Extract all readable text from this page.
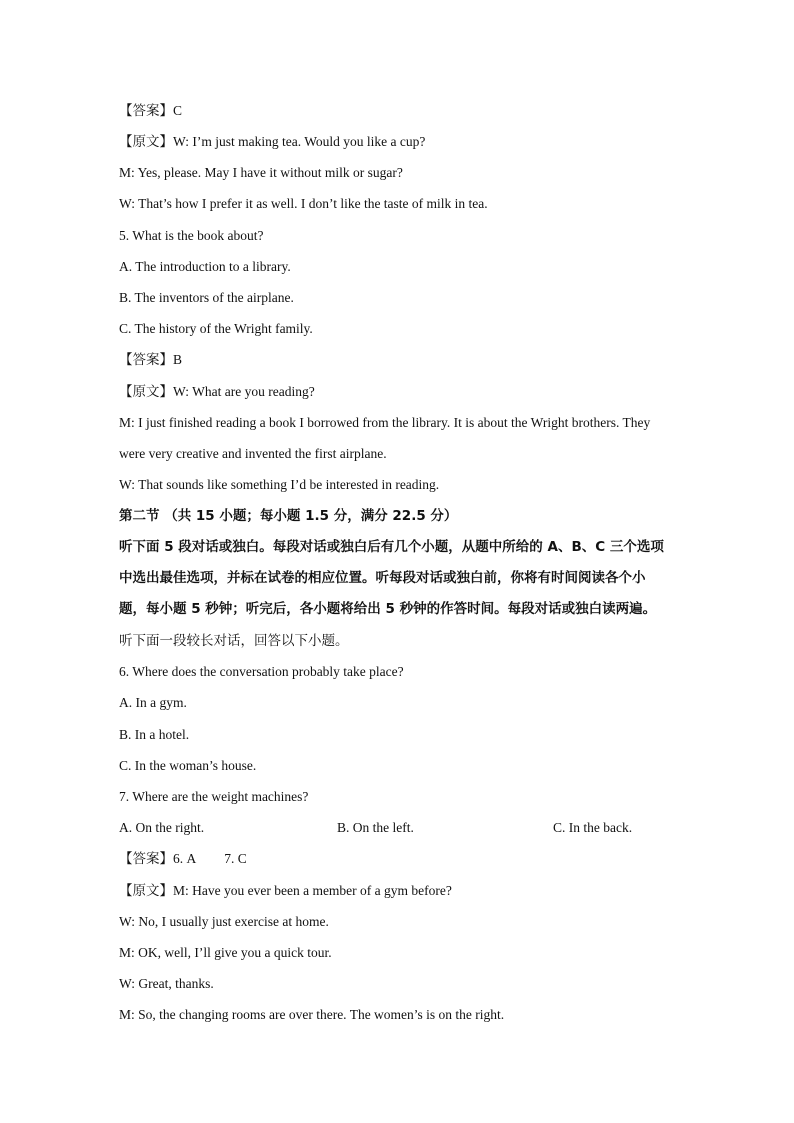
【答案】C
【原文】W: I’m just making tea. Would you like a cup?
M: Yes, please. May I have it without milk or sugar?
W: That’s how I prefer it as well. I don’t like the taste of milk in tea.
5. What is the book about?
A. The introduction to a library.
B. The inventors of the airplane.
C. The history of the Wright family.
【答案】B
【原文】W: What are you reading?
M: I just finished reading a book I borrowed from the library. It is about the Wright brothers. They
were very creative and invented the first airplane.
W: That sounds like something I’d be interested in reading.
第二节 （共 15 小题；每小题 1.5 分，满分 22.5 分）
听下面 5 段对话或独白。每段对话或独白后有几个小题，从题中所给的 A、B、C 三个选项
中选出最佳选项，并标在试卷的相应位置。听每段对话或独白前，你将有时间阅读各个小
题，每小题 5 秒钟；听完后，各小题将给出 5 秒钟的作答时间。每段对话或独白读两遍。
听下面一段较长对话，回答以下小题。
6. Where does the conversation probably take place?
A. In a gym.
B. In a hotel.
C. In the woman’s house.
7. Where are the weight machines?
A. On the right.	B. On the left.	C. In the back.
【答案】6. A 7. C
【原文】M: Have you ever been a member of a gym before?
W: No, I usually just exercise at home.
M: OK, well, I’ll give you a quick tour.
W: Great, thanks.
M: So, the changing rooms are over there. The women’s is on the right.
